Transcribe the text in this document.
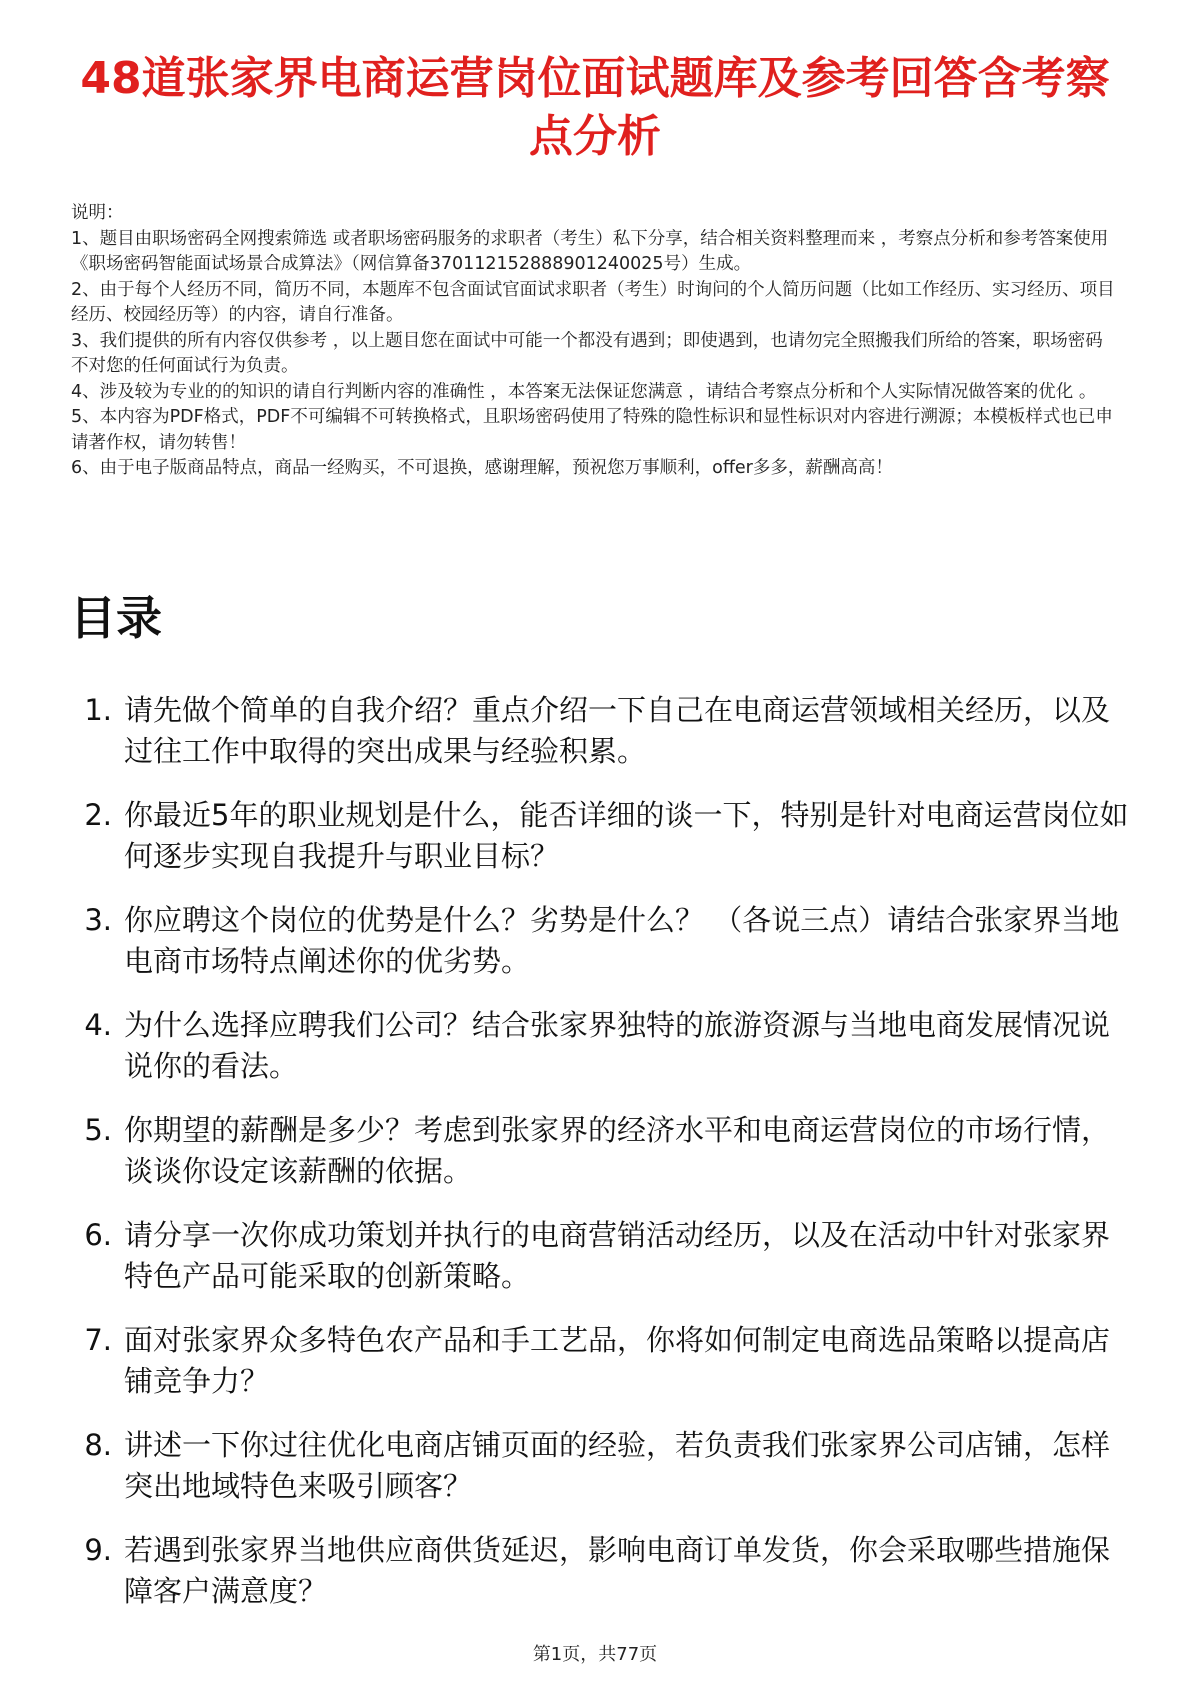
48道张家界电商运营岗位面试题库及参考回答含考察点分析

说明：

1、题目由职场密码全网搜索筛选 或者职场密码服务的求职者（考生）私下分享，结合相关资料整理而来 ，考察点分析和参考答案使用《职场密码智能面试场景合成算法》（网信算备370112152888901240025号）生成。

2、由于每个人经历不同，简历不同，本题库不包含面试官面试求职者（考生）时询问的个人简历问题（比如工作经历、实习经历、项目经历、校园经历等）的内容，请自行准备。

3、我们提供的所有内容仅供参考 ，以上题目您在面试中可能一个都没有遇到；即使遇到，也请勿完全照搬我们所给的答案，职场密码不对您的任何面试行为负责。

4、涉及较为专业的的知识的请自行判断内容的准确性 ，本答案无法保证您满意 ，请结合考察点分析和个人实际情况做答案的优化 。

5、本内容为PDF格式，PDF不可编辑不可转换格式，且职场密码使用了特殊的隐性标识和显性标识对内容进行溯源；本模板样式也已申请著作权，请勿转售！

6、由于电子版商品特点，商品一经购买，不可退换，感谢理解，预祝您万事顺利，offer多多，薪酬高高！

目录
1. 请先做个简单的自我介绍？重点介绍一下自己在电商运营领域相关经历，以及过往工作中取得的突出成果与经验积累。
2. 你最近5年的职业规划是什么，能否详细的谈一下，特别是针对电商运营岗位如何逐步实现自我提升与职业目标？
3. 你应聘这个岗位的优势是什么？劣势是什么？ （各说三点）请结合张家界当地电商市场特点阐述你的优劣势。
4. 为什么选择应聘我们公司？结合张家界独特的旅游资源与当地电商发展情况说说你的看法。
5. 你期望的薪酬是多少？考虑到张家界的经济水平和电商运营岗位的市场行情，谈谈你设定该薪酬的依据。
6. 请分享一次你成功策划并执行的电商营销活动经历，以及在活动中针对张家界特色产品可能采取的创新策略。
7. 面对张家界众多特色农产品和手工艺品，你将如何制定电商选品策略以提高店铺竞争力？
8. 讲述一下你过往优化电商店铺页面的经验，若负责我们张家界公司店铺，怎样突出地域特色来吸引顾客？
9. 若遇到张家界当地供应商供货延迟，影响电商订单发货，你会采取哪些措施保障客户满意度？
第1页，共77页
